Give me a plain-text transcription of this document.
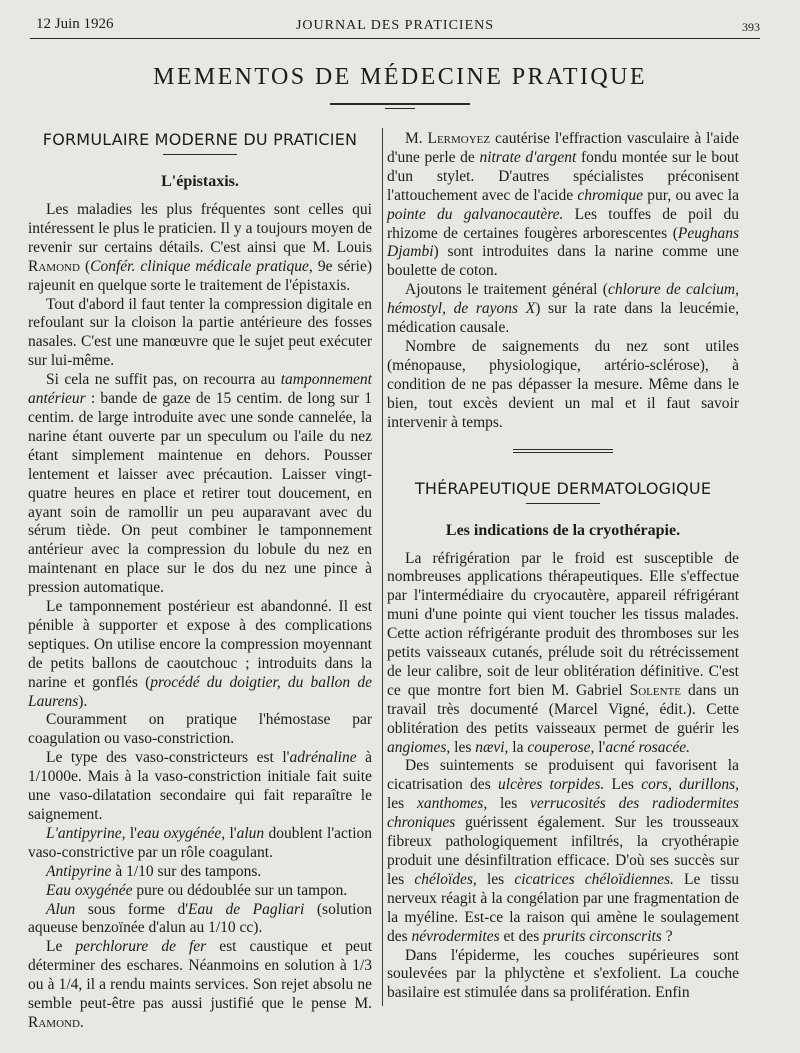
12 Juin 1926	JOURNAL DES PRATICIENS	393
MEMENTOS DE MÉDECINE PRATIQUE

FORMULAIRE MODERNE DU PRATICIEN

L'épistaxis.

Les maladies les plus fréquentes sont celles qui intéressent le plus le praticien. Il y a toujours moyen de revenir sur certains détails. C'est ainsi que M. Louis Ramond (Confér. clinique médicale pratique, 9e série) rajeunit en quelque sorte le traitement de l'épistaxis.

Tout d'abord il faut tenter la compression digitale en refoulant sur la cloison la partie antérieure des fosses nasales. C'est une manœuvre que le sujet peut exécuter sur lui-même.

Si cela ne suffit pas, on recourra au tamponnement antérieur : bande de gaze de 15 centim. de long sur 1 centim. de large introduite avec une sonde cannelée, la narine étant ouverte par un speculum ou l'aile du nez étant simplement maintenue en dehors. Pousser lentement et laisser avec précaution. Laisser vingt-quatre heures en place et retirer tout doucement, en ayant soin de ramollir un peu auparavant avec du sérum tiède. On peut combiner le tamponnement antérieur avec la compression du lobule du nez en maintenant en place sur le dos du nez une pince à pression automatique.

Le tamponnement postérieur est abandonné. Il est pénible à supporter et expose à des complications septiques. On utilise encore la compression moyennant de petits ballons de caoutchouc ; introduits dans la narine et gonflés (procédé du doigtier, du ballon de Laurens).

Couramment on pratique l'hémostase par coagulation ou vaso-constriction.

Le type des vaso-constricteurs est l'adrénaline à 1/1000e. Mais à la vaso-constriction initiale fait suite une vaso-dilatation secondaire qui fait reparaître le saignement.

L'antipyrine, l'eau oxygénée, l'alun doublent l'action vaso-constrictive par un rôle coagulant.

Antipyrine à 1/10 sur des tampons.

Eau oxygénée pure ou dédoublée sur un tampon.

Alun sous forme d'Eau de Pagliari (solution aqueuse benzoïnée d'alun au 1/10 cc).

Le perchlorure de fer est caustique et peut déterminer des eschares. Néanmoins en solution à 1/3 ou à 1/4, il a rendu maints services. Son rejet absolu ne semble peut-être pas aussi justifié que le pense M. Ramond.

M. Lermoyez cautérise l'effraction vasculaire à l'aide d'une perle de nitrate d'argent fondu montée sur le bout d'un stylet. D'autres spécialistes préconisent l'attouchement avec de l'acide chromique pur, ou avec la pointe du galvanocautère. Les touffes de poil du rhizome de certaines fougères arborescentes (Peughans Djambi) sont introduites dans la narine comme une boulette de coton.

Ajoutons le traitement général (chlorure de calcium, hémostyl, de rayons X) sur la rate dans la leucémie, médication causale.

Nombre de saignements du nez sont utiles (ménopause, physiologique, artério-sclérose), à condition de ne pas dépasser la mesure. Même dans le bien, tout excès devient un mal et il faut savoir intervenir à temps.

THÉRAPEUTIQUE DERMATOLOGIQUE

Les indications de la cryothérapie.

La réfrigération par le froid est susceptible de nombreuses applications thérapeutiques. Elle s'effectue par l'intermédiaire du cryocautère, appareil réfrigérant muni d'une pointe qui vient toucher les tissus malades. Cette action réfrigérante produit des thromboses sur les petits vaisseaux cutanés, prélude soit du rétrécissement de leur calibre, soit de leur oblitération définitive. C'est ce que montre fort bien M. Gabriel Solente dans un travail très documenté (Marcel Vigné, édit.). Cette oblitération des petits vaisseaux permet de guérir les angiomes, les nævi, la couperose, l'acné rosacée.

Des suintements se produisent qui favorisent la cicatrisation des ulcères torpides. Les cors, durillons, les xanthomes, les verrucosités des radiodermites chroniques guérissent également. Sur les trousseaux fibreux pathologiquement infiltrés, la cryothérapie produit une désinfiltration efficace. D'où ses succès sur les chéloïdes, les cicatrices chéloïdiennes. Le tissu nerveux réagit à la congélation par une fragmentation de la myéline. Est-ce la raison qui amène le soulagement des névrodermites et des prurits circonscrits ?

Dans l'épiderme, les couches supérieures sont soulevées par la phlyctène et s'exfolient. La couche basilaire est stimulée dans sa prolifération. Enfin
